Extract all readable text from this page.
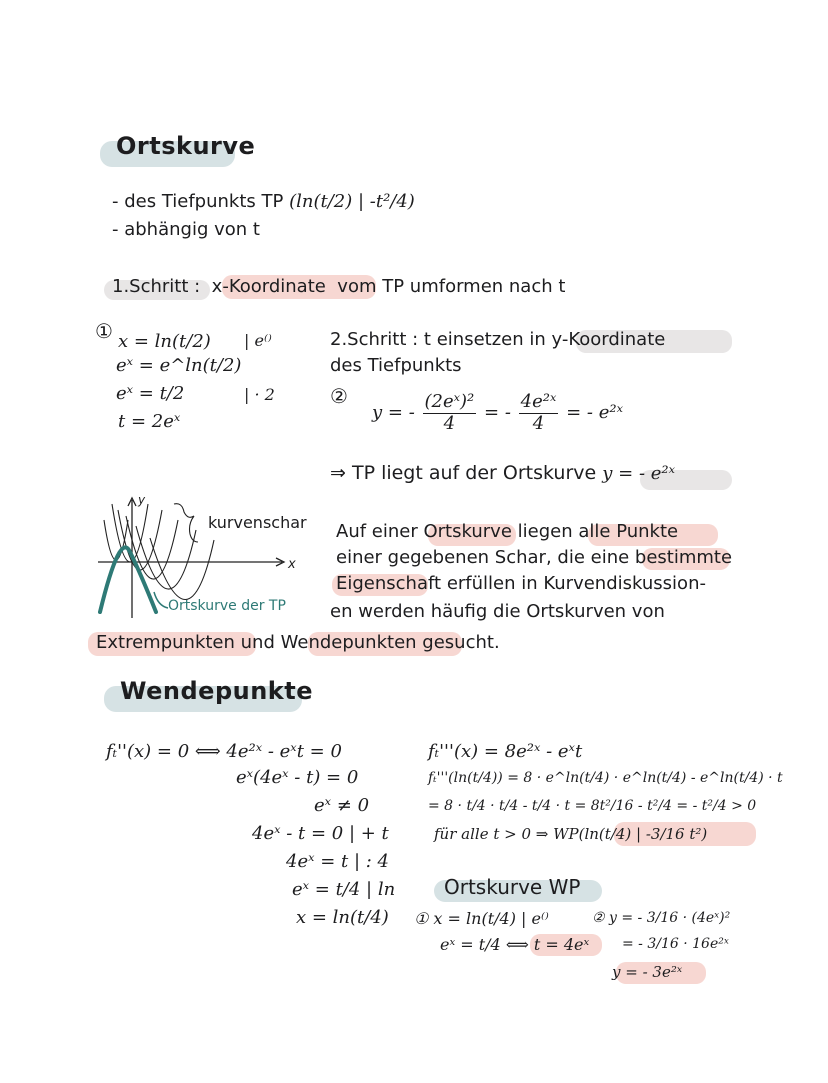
Ortskurve
- des Tiefpunkts TP (ln(t/2) | -t²/4)
- abhängig von t
1.Schritt : x-Koordinate vom TP umformen nach t
① x = ln(t/2) | e⁽⁾
eˣ = e^ln(t/2)
eˣ = t/2	| · 2
t = 2eˣ
2.Schritt : t einsetzen in y-Koordinate
des Tiefpunkts
②
y = - $\frac{\text{(2eˣ)²}}{4}$ = - $\frac{\text{4e²ˣ}}{4}$ = - e²ˣ
⇒ TP liegt auf der Ortskurve y = - e²ˣ
y
x
kurvenschar
Ortskurve der TP
Auf einer Ortskurve liegen alle Punkte
einer gegebenen Schar, die eine bestimmte
Eigenschaft erfüllen in Kurvendiskussion-
en werden häufig die Ortskurven von
Extrempunkten und Wendepunkten gesucht.
Wendepunkte
fₜ''(x) = 0 ⟺ 4e²ˣ - eˣt = 0
eˣ(4eˣ - t) = 0
eˣ ≠ 0
4eˣ - t = 0 | + t
4eˣ = t | : 4
eˣ = t/4 | ln
x = ln(t/4)
fₜ'''(x) = 8e²ˣ - eˣt
fₜ'''(ln(t/4)) = 8 · e^ln(t/4) · e^ln(t/4) - e^ln(t/4) · t
= 8 · t/4 · t/4 - t/4 · t = 8t²/16 - t²/4 = - t²/4 > 0
für alle t > 0 ⇒ WP(ln(t/4) | -3/16 t²)
Ortskurve WP
① x = ln(t/4) | e⁽⁾	② y = - 3/16 · (4eˣ)²
eˣ = t/4 ⟺ t = 4eˣ = - 3/16 · 16e²ˣ
y = - 3e²ˣ
